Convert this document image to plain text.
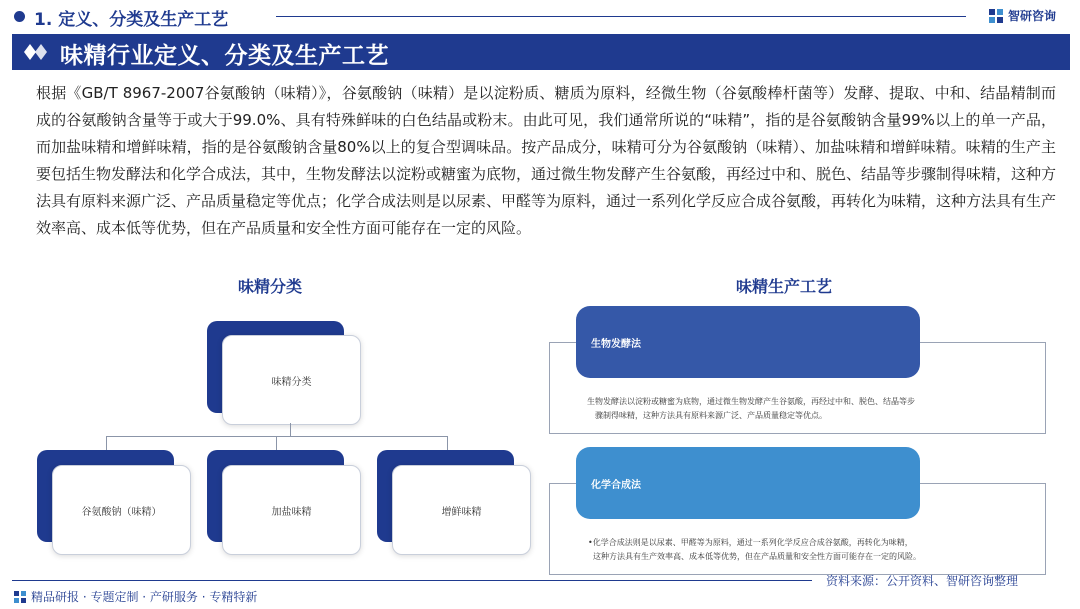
1. 定义、分类及生产工艺	智研咨询
味精行业定义、分类及生产工艺

根据《GB/T 8967-2007谷氨酸钠（味精）》，谷氨酸钠（味精）是以淀粉质、糖质为原料，经微生物（谷氨酸棒杆菌等）发酵、提取、中和、结晶精制而成的谷氨酸钠含量等于或大于99.0%、具有特殊鲜味的白色结晶或粉末。由此可见，我们通常所说的“味精”，指的是谷氨酸钠含量99%以上的单一产品，而加盐味精和增鲜味精，指的是谷氨酸钠含量80%以上的复合型调味品。按产品成分，味精可分为谷氨酸钠（味精）、加盐味精和增鲜味精。味精的生产主要包括生物发酵法和化学合成法，其中，生物发酵法以淀粉或糖蜜为底物，通过微生物发酵产生谷氨酸，再经过中和、脱色、结晶等步骤制得味精，这种方法具有原料来源广泛、产品质量稳定等优点；化学合成法则是以尿素、甲醛等为原料，通过一系列化学反应合成谷氨酸，再转化为味精，这种方法具有生产效率高、成本低等优势，但在产品质量和安全性方面可能存在一定的风险。

味精分类	味精生产工艺
味精分类
谷氨酸钠（味精）	加盐味精	增鲜味精
生物发酵法
生物发酵法以淀粉或糖蜜为底物，通过微生物发酵产生谷氨酸，再经过中和、脱色、结晶等步
骤制得味精，这种方法具有原料来源广泛、产品质量稳定等优点。
化学合成法
•化学合成法则是以尿素、甲醛等为原料，通过一系列化学反应合成谷氨酸，再转化为味精，
这种方法具有生产效率高、成本低等优势，但在产品质量和安全性方面可能存在一定的风险。
资料来源：公开资料、智研咨询整理
精品研报 · 专题定制 · 产研服务 · 专精特新
